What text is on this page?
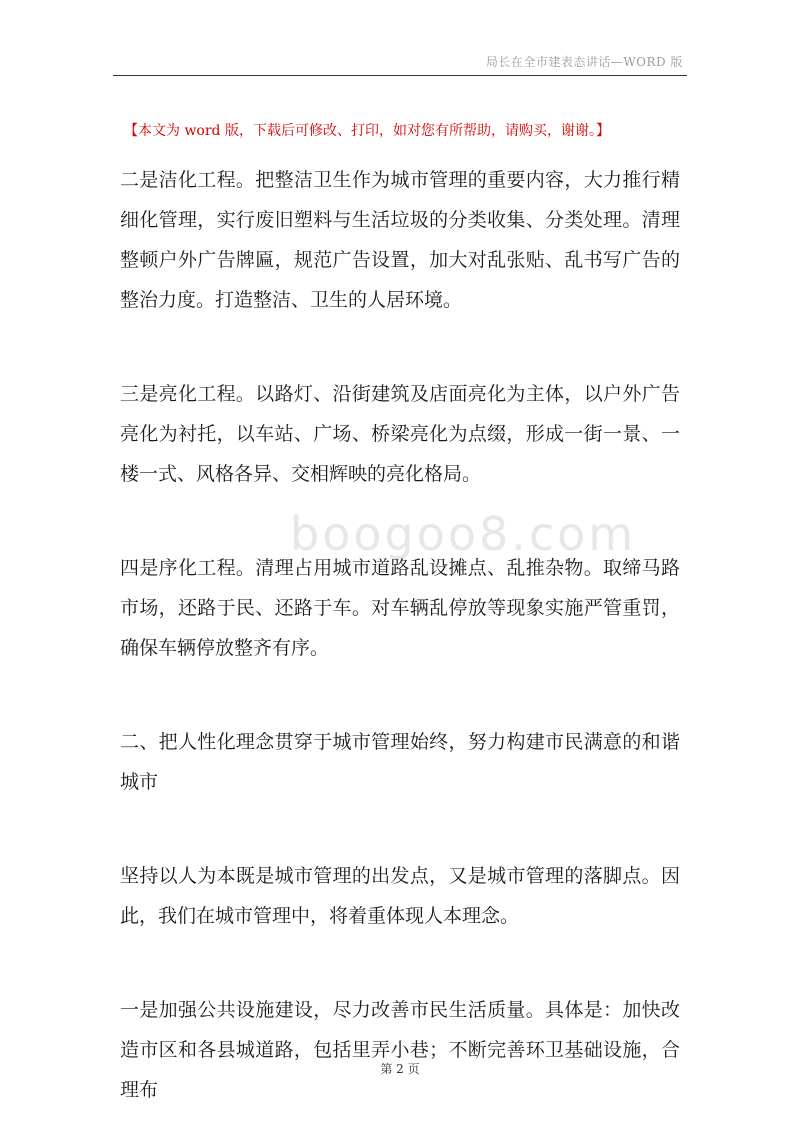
局长在全市建表态讲话—WORD 版
【本文为 word 版，下载后可修改、打印，如对您有所帮助，请购买，谢谢。】
boogoo8.com

二是洁化工程。把整洁卫生作为城市管理的重要内容，大力推行精细化管理，实行废旧塑料与生活垃圾的分类收集、分类处理。清理整顿户外广告牌匾，规范广告设置，加大对乱张贴、乱书写广告的整治力度。打造整洁、卫生的人居环境。

三是亮化工程。以路灯、沿街建筑及店面亮化为主体，以户外广告亮化为衬托，以车站、广场、桥梁亮化为点缀，形成一街一景、一楼一式、风格各异、交相辉映的亮化格局。

四是序化工程。清理占用城市道路乱设摊点、乱推杂物。取缔马路市场，还路于民、还路于车。对车辆乱停放等现象实施严管重罚，确保车辆停放整齐有序。

二、把人性化理念贯穿于城市管理始终，努力构建市民满意的和谐城市

坚持以人为本既是城市管理的出发点，又是城市管理的落脚点。因此，我们在城市管理中，将着重体现人本理念。

一是加强公共设施建设，尽力改善市民生活质量。具体是：加快改造市区和各县城道路，包括里弄小巷；不断完善环卫基础设施，合理布

第 2 页
